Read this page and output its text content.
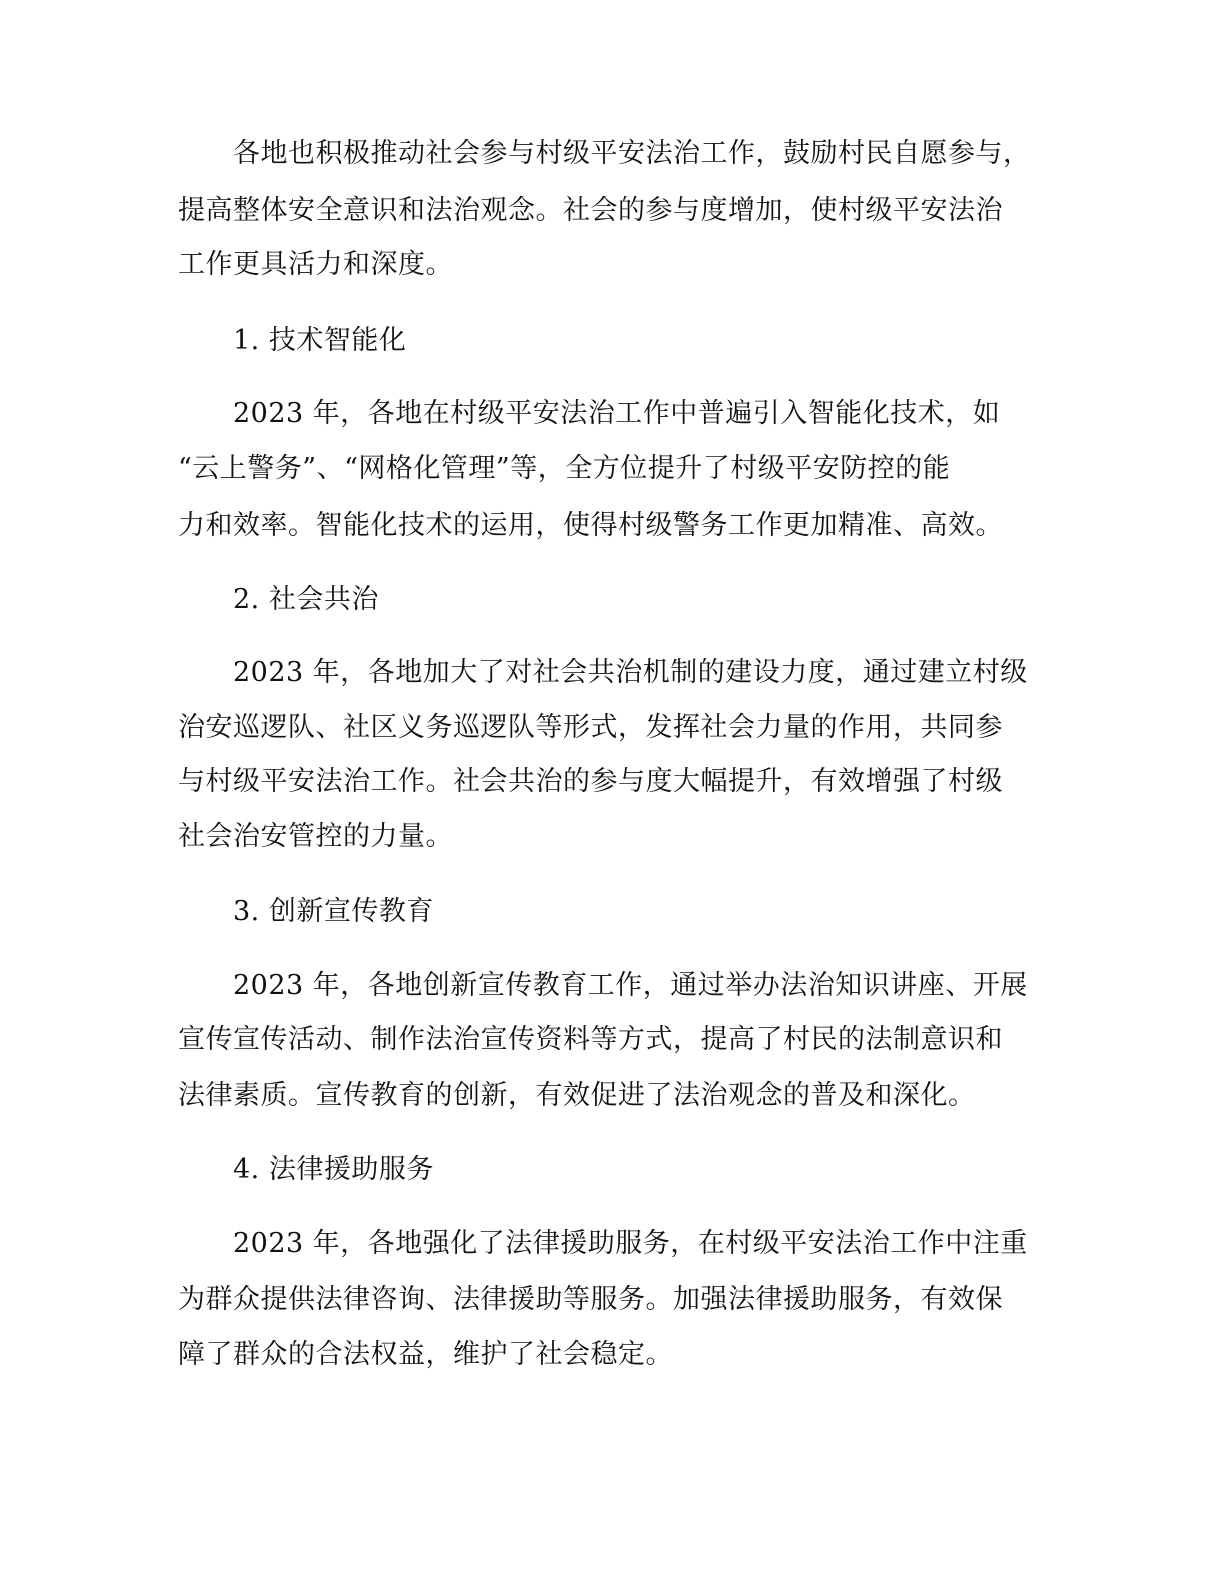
各地也积极推动社会参与村级平安法治工作，鼓励村民自愿参与，
提高整体安全意识和法治观念。社会的参与度增加，使村级平安法治
工作更具活力和深度。
1. 技术智能化
2023 年，各地在村级平安法治工作中普遍引入智能化技术，如
“云上警务”、“网格化管理”等，全方位提升了村级平安防控的能
力和效率。智能化技术的运用，使得村级警务工作更加精准、高效。
2. 社会共治
2023 年，各地加大了对社会共治机制的建设力度，通过建立村级
治安巡逻队、社区义务巡逻队等形式，发挥社会力量的作用，共同参
与村级平安法治工作。社会共治的参与度大幅提升，有效增强了村级
社会治安管控的力量。
3. 创新宣传教育
2023 年，各地创新宣传教育工作，通过举办法治知识讲座、开展
宣传宣传活动、制作法治宣传资料等方式，提高了村民的法制意识和
法律素质。宣传教育的创新，有效促进了法治观念的普及和深化。
4. 法律援助服务
2023 年，各地强化了法律援助服务，在村级平安法治工作中注重
为群众提供法律咨询、法律援助等服务。加强法律援助服务，有效保
障了群众的合法权益，维护了社会稳定。
